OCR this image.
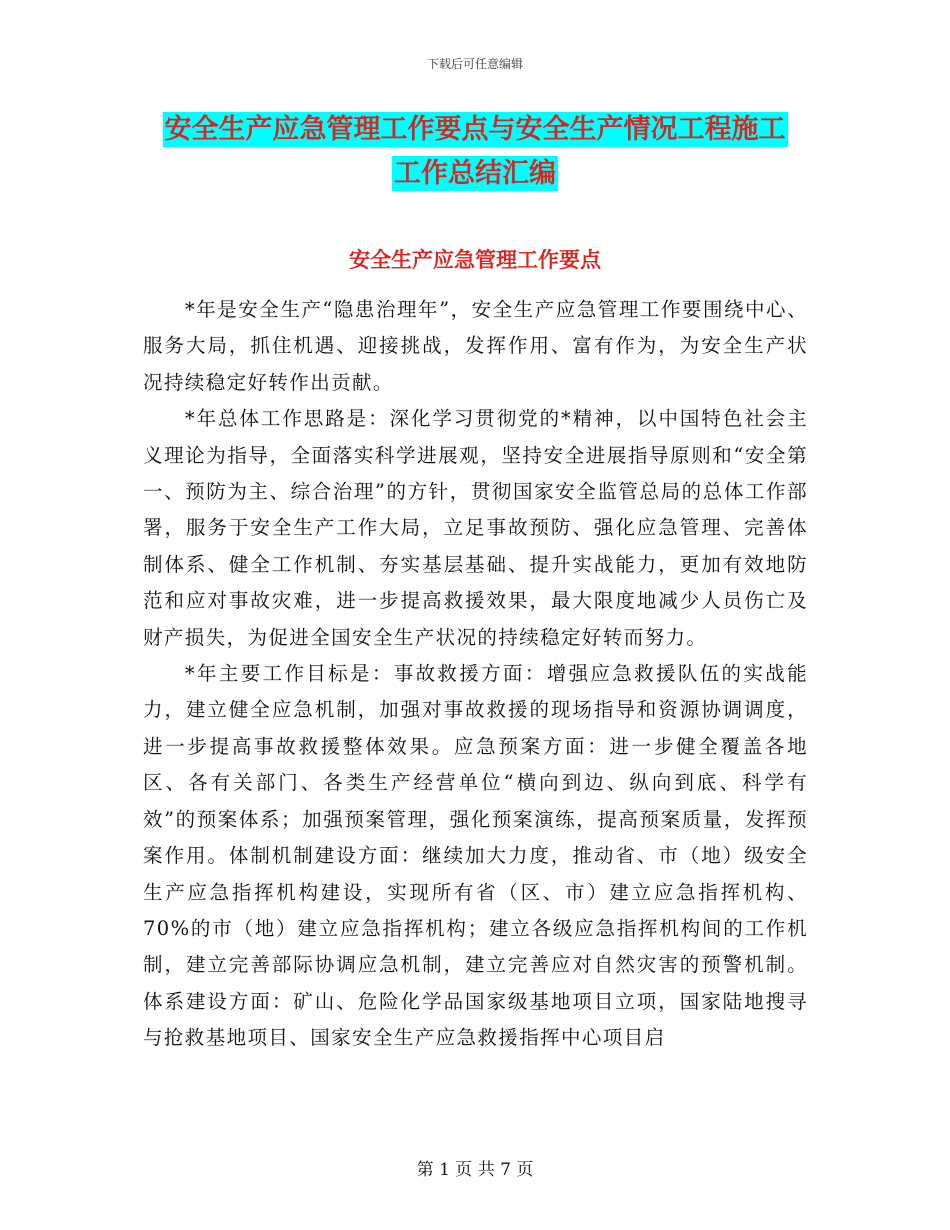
下载后可任意编辑
安全生产应急管理工作要点与安全生产情况工程施工
工作总结汇编
安全生产应急管理工作要点

*年是安全生产“隐患治理年”，安全生产应急管理工作要围绕中心、服务大局，抓住机遇、迎接挑战，发挥作用、富有作为，为安全生产状况持续稳定好转作出贡献。

*年总体工作思路是：深化学习贯彻党的*精神，以中国特色社会主义理论为指导，全面落实科学进展观，坚持安全进展指导原则和“安全第一、预防为主、综合治理”的方针，贯彻国家安全监管总局的总体工作部署，服务于安全生产工作大局，立足事故预防、强化应急管理、完善体制体系、健全工作机制、夯实基层基础、提升实战能力，更加有效地防范和应对事故灾难，进一步提高救援效果，最大限度地减少人员伤亡及财产损失，为促进全国安全生产状况的持续稳定好转而努力。

*年主要工作目标是：事故救援方面：增强应急救援队伍的实战能力，建立健全应急机制，加强对事故救援的现场指导和资源协调调度，进一步提高事故救援整体效果。应急预案方面：进一步健全覆盖各地区、各有关部门、各类生产经营单位“横向到边、纵向到底、科学有效”的预案体系；加强预案管理，强化预案演练，提高预案质量，发挥预案作用。体制机制建设方面：继续加大力度，推动省、市（地）级安全生产应急指挥机构建设，实现所有省（区、市）建立应急指挥机构、70%的市（地）建立应急指挥机构；建立各级应急指挥机构间的工作机制，建立完善部际协调应急机制，建立完善应对自然灾害的预警机制。体系建设方面：矿山、危险化学品国家级基地项目立项，国家陆地搜寻与抢救基地项目、国家安全生产应急救援指挥中心项目启

第 1 页 共 7 页
